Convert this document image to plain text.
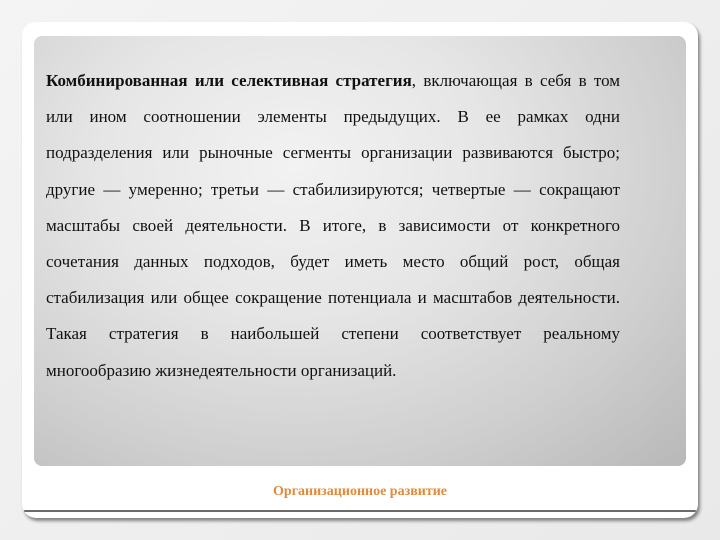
Комбинированная или селективная стратегия, включающая в себя в том или ином соотношении элементы предыдущих. В ее рамках одни подразделения или рыночные сегменты организации развиваются быстро; другие — умеренно; третьи — стабилизируются; четвертые — сокращают масштабы своей деятельности. В итоге, в зависимости от конкретного сочетания данных подходов, будет иметь место общий рост, общая стабилизация или общее сокращение потенциала и масштабов деятельности. Такая стратегия в наибольшей степени соответствует реальному многообразию жизнедеятельности организаций.

Организационное развитие
